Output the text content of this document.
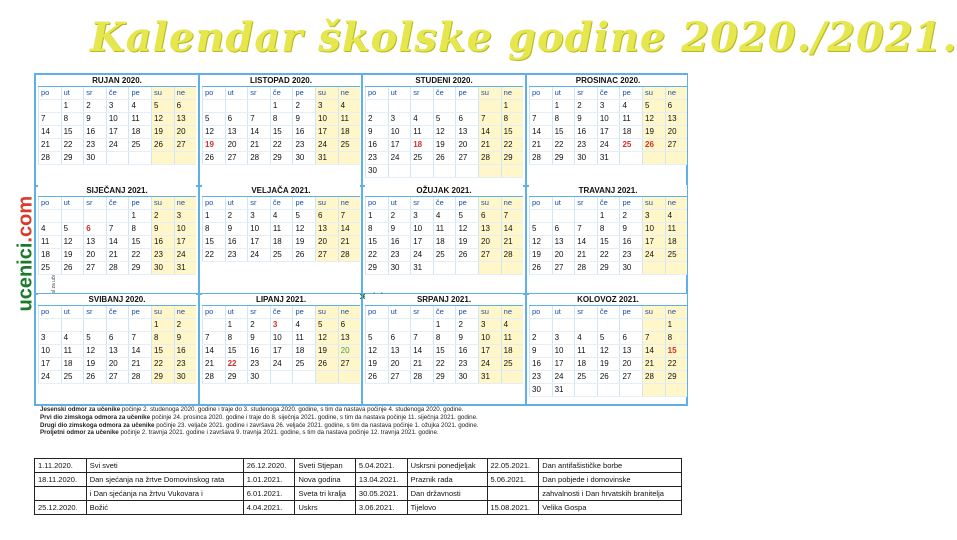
Kalendar školske godine 2020./2021.
ucenici.com
RUJAN 2020.
po	ut	sr	če	pe	su	ne
	1	2	3	4	5	6
7	8	9	10	11	12	13
14	15	16	17	18	19	20
21	22	23	24	25	26	27
28	29	30				
LISTOPAD 2020.
po	ut	sr	če	pe	su	ne
			1	2	3	4
5	6	7	8	9	10	11
12	13	14	15	16	17	18
19	20	21	22	23	24	25
26	27	28	29	30	31	
STUDENI 2020.
po	ut	sr	če	pe	su	ne
						1
2	3	4	5	6	7	8
9	10	11	12	13	14	15
16	17	18	19	20	21	22
23	24	25	26	27	28	29
30						
PROSINAC 2020.
po	ut	sr	če	pe	su	ne
	1	2	3	4	5	6
7	8	9	10	11	12	13
14	15	16	17	18	19	20
21	22	23	24	25	26	27
28	29	30	31			
SIJEČANJ 2021.
po	ut	sr	če	pe	su	ne
				1	2	3
4	5	6	7	8	9	10
11	12	13	14	15	16	17
18	19	20	21	22	23	24
25	26	27	28	29	30	31
VELJAČA 2021.
po	ut	sr	če	pe	su	ne
1	2	3	4	5	6	7
8	9	10	11	12	13	14
15	16	17	18	19	20	21
22	23	24	25	26	27	28
OŽUJAK 2021.
po	ut	sr	če	pe	su	ne
1	2	3	4	5	6	7
8	9	10	11	12	13	14
15	16	17	18	19	20	21
22	23	24	25	26	27	28
29	30	31				
TRAVANJ 2021.
po	ut	sr	če	pe	su	ne
			1	2	3	4
5	6	7	8	9	10	11
12	13	14	15	16	17	18
19	20	21	22	23	24	25
26	27	28	29	30		
SVIBANJ 2020.
po	ut	sr	če	pe	su	ne
					1	2
3	4	5	6	7	8	9
10	11	12	13	14	15	16
17	18	19	20	21	22	23
24	25	26	27	28	29	30
LIPANJ 2021.
po	ut	sr	če	pe	su	ne
	1	2	3	4	5	6
7	8	9	10	11	12	13
14	15	16	17	18	19	20
21	22	23	24	25	26	27
28	29	30				
SRPANJ 2021.
po	ut	sr	če	pe	su	ne
			1	2	3	4
5	6	7	8	9	10	11
12	13	14	15	16	17	18
19	20	21	22	23	24	25
26	27	28	29	30	31	
KOLOVOZ 2021.
po	ut	sr	če	pe	su	ne
						1
2	3	4	5	6	7	8
9	10	11	12	13	14	15
16	17	18	19	20	21	22
23	24	25	26	27	28	29
30	31					
Jesenski odmor za učenike počinje 2. studenoga 2020. godine i traje do 3. studenoga 2020. godine, s tim da nastava počinje 4. studenoga 2020. godine.
Prvi dio zimskoga odmora za učenike počinje 24. prosinca 2020. godine i traje do 8. siječnja 2021. godine, s tim da nastava počinje 11. siječnja 2021. godine.
Drugi dio zimskoga odmora za učenike počinje 23. veljače 2021. godine i završava 26. veljače 2021. godine, s tim da nastava počinje 1. ožujka 2021. godine.
Proljetni odmor za učenike počinje 2. travnja 2021. godine i završava 9. travnja 2021. godine, s tim da nastava počinje 12. travnja 2021. godine.
1.11.2020.	Svi sveti	26.12.2020.	Sveti Stjepan	5.04.2021.	Uskrsni ponedjeljak	22.05.2021.	Dan antifašističke borbe
18.11.2020.	Dan sjećanja na žrtve Domovinskog rata	1.01.2021.	Nova godina	13.04.2021.	Praznik rada	5.06.2021.	Dan pobjede i domovinske
	i Dan sjećanja na žrtvu Vukovara i	6.01.2021.	Sveta tri kralja	30.05.2021.	Dan državnosti		zahvalnosti i Dan hrvatskih branitelja
25.12.2020.	Božić	4.04.2021.	Uskrs	3.06.2021.	Tijelovo	15.08.2021.	Velika Gospa
